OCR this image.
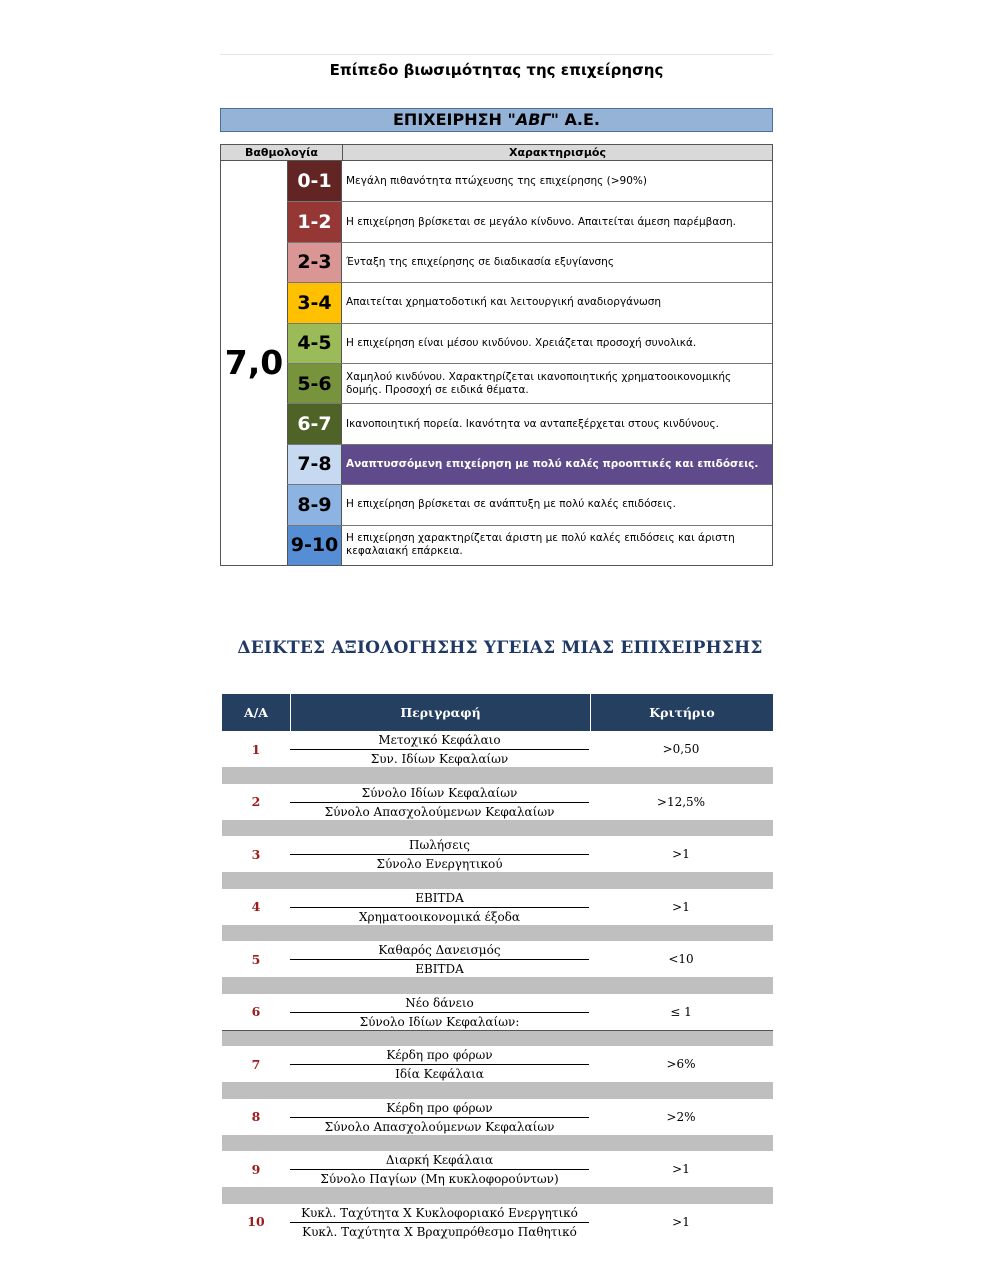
Επίπεδο βιωσιμότητας της επιχείρησης
ΕΠΙΧΕΙΡΗΣΗ "ΑΒΓ" Α.Ε.
Βαθμολογία	Χαρακτηρισμός
7,0
0-1	Μεγάλη πιθανότητα πτώχευσης της επιχείρησης (>90%)
1-2	Η επιχείρηση βρίσκεται σε μεγάλο κίνδυνο. Απαιτείται άμεση παρέμβαση.
2-3	Ένταξη της επιχείρησης σε διαδικασία εξυγίανσης
3-4	Απαιτείται χρηματοδοτική και λειτουργική αναδιοργάνωση
4-5	Η επιχείρηση είναι μέσου κινδύνου. Χρειάζεται προσοχή συνολικά.
5-6	Χαμηλού κινδύνου. Χαρακτηρίζεται ικανοποιητικής χρηματοοικονομικής δομής. Προσοχή σε ειδικά θέματα.
6-7	Ικανοποιητική πορεία. Ικανότητα να ανταπεξέρχεται στους κινδύνους.
7-8	Αναπτυσσόμενη επιχείρηση με πολύ καλές προοπτικές και επιδόσεις.
8-9	Η επιχείρηση βρίσκεται σε ανάπτυξη με πολύ καλές επιδόσεις.
9-10 Η επιχείρηση χαρακτηρίζεται άριστη με πολύ καλές επιδόσεις και άριστη κεφαλαιακή επάρκεια.
ΔΕΙΚΤΕΣ ΑΞΙΟΛΟΓΗΣΗΣ ΥΓΕΙΑΣ ΜΙΑΣ ΕΠΙΧΕΙΡΗΣΗΣ
Α/Α	Περιγραφή	Κριτήριο
1	$\frac{\text{Μετοχικό Κεφάλαιο}}{\text{Συν. Ιδίων Κεφαλαίων}}$	>0,50
2	$\frac{\text{Σύνολο Ιδίων Κεφαλαίων}}{\text{Σύνολο Απασχολούμενων Κεφαλαίων}}$	>12,5%
3	$\frac{\text{Πωλήσεις}}{\text{Σύνολο Ενεργητικού}}$	>1
4	$\frac{\text{EBITDA}}{\text{Χρηματοοικονομικά έξοδα}}$	>1
5	$\frac{\text{Καθαρός Δανεισμός}}{\text{EBITDA}}$	<10
6	$\frac{\text{Νέο δάνειο}}{\text{Σύνολο Ιδίων Κεφαλαίων:}}$	≤ 1
7	$\frac{\text{Κέρδη προ φόρων}}{\text{Ιδία Κεφάλαια}}$	>6%
8	$\frac{\text{Κέρδη προ φόρων}}{\text{Σύνολο Απασχολούμενων Κεφαλαίων}}$	>2%
9	$\frac{\text{Διαρκή Κεφάλαια}}{\text{Σύνολο Παγίων (Μη κυκλοφορούντων)}}$	>1
10	$\frac{\text{Κυκλ. Ταχύτητα Χ Κυκλοφοριακό Ενεργητικό}}{\text{Κυκλ. Ταχύτητα Χ Βραχυπρόθεσμο Παθητικό}}$	>1
